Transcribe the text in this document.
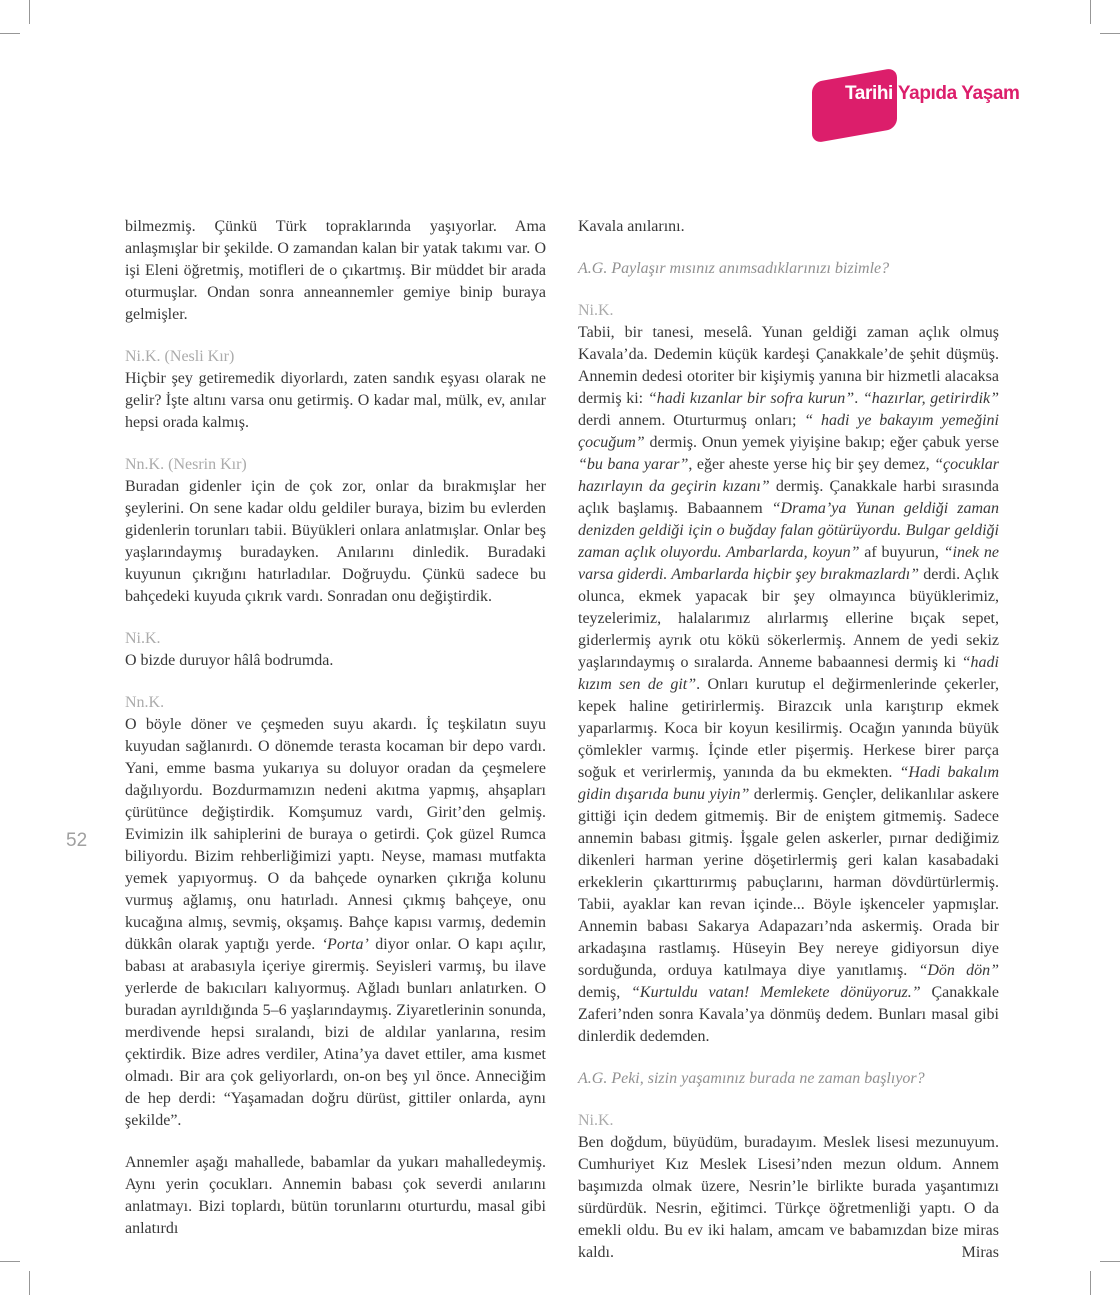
Tarihi Yapıda Yaşam
52

bilmezmiş. Çünkü Türk topraklarında yaşıyorlar. Ama anlaşmışlar bir şekilde. O zamandan kalan bir yatak takımı var. O işi Eleni öğretmiş, motifleri de o çıkartmış. Bir müddet bir arada oturmuşlar. Ondan sonra anneannemler gemiye binip buraya gelmişler.

Ni.K. (Nesli Kır)

Hiçbir şey getiremedik diyorlardı, zaten sandık eşyası olarak ne gelir? İşte altını varsa onu getirmiş. O kadar mal, mülk, ev, anılar hepsi orada kalmış.

Nn.K. (Nesrin Kır)

Buradan gidenler için de çok zor, onlar da bırakmışlar her şeylerini. On sene kadar oldu geldiler buraya, bizim bu evlerden gidenlerin torunları tabii. Büyükleri onlara anlatmışlar. Onlar beş yaşlarındaymış buradayken. Anılarını dinledik. Buradaki kuyunun çıkrığını hatırladılar. Doğruydu. Çünkü sadece bu bahçedeki kuyuda çıkrık vardı. Sonradan onu değiştirdik.

Ni.K.

O bizde duruyor hâlâ bodrumda.

Nn.K.

O böyle döner ve çeşmeden suyu akardı. İç teşkilatın suyu kuyudan sağlanırdı. O dönemde terasta kocaman bir depo vardı. Yani, emme basma yukarıya su doluyor oradan da çeşmelere dağılıyordu. Bozdurmamızın nedeni akıtma yapmış, ahşapları çürütünce değiştirdik. Komşumuz vardı, Girit’den gelmiş. Evimizin ilk sahiplerini de buraya o getirdi. Çok güzel Rumca biliyordu. Bizim rehberliğimizi yaptı. Neyse, maması mutfakta yemek yapıyormuş. O da bahçede oynarken çıkrığa kolunu vurmuş ağlamış, onu hatırladı. Annesi çıkmış bahçeye, onu kucağına almış, sevmiş, okşamış. Bahçe kapısı varmış, dedemin dükkân olarak yaptığı yerde. ‘Porta’ diyor onlar. O kapı açılır, babası at arabasıyla içeriye girermiş. Seyisleri varmış, bu ilave yerlerde de bakıcıları kalıyormuş. Ağladı bunları anlatırken. O buradan ayrıldığında 5–6 yaşlarındaymış. Ziyaretlerinin sonunda, merdivende hepsi sıralandı, bizi de aldılar yanlarına, resim çektirdik. Bize adres verdiler, Atina’ya davet ettiler, ama kısmet olmadı. Bir ara çok geliyorlardı, on-on beş yıl önce. Anneciğim de hep derdi: “Yaşamadan doğru dürüst, gittiler onlarda, aynı şekilde”.

Annemler aşağı mahallede, babamlar da yukarı mahalledeymiş. Aynı yerin çocukları. Annemin babası çok severdi anılarını anlatmayı. Bizi toplardı, bütün torunlarını oturturdu, masal gibi anlatırdı

Kavala anılarını.

A.G. Paylaşır mısınız anımsadıklarınızı bizimle?

Ni.K.

Tabii, bir tanesi, meselâ. Yunan geldiği zaman açlık olmuş Kavala’da. Dedemin küçük kardeşi Çanakkale’de şehit düşmüş. Annemin dedesi otoriter bir kişiymiş yanına bir hizmetli alacaksa dermiş ki: “hadi kızanlar bir sofra kurun”. “hazırlar, getirirdik” derdi annem. Oturturmuş onları; “ hadi ye bakayım yemeğini çocuğum” dermiş. Onun yemek yiyişine bakıp; eğer çabuk yerse “bu bana yarar”, eğer aheste yerse hiç bir şey demez, “çocuklar hazırlayın da geçirin kızanı” dermiş. Çanakkale harbi sırasında açlık başlamış. Babaannem “Drama’ya Yunan geldiği zaman denizden geldiği için o buğday falan götürüyordu. Bulgar geldiği zaman açlık oluyordu. Ambarlarda, koyun” af buyurun, “inek ne varsa giderdi. Ambarlarda hiçbir şey bırakmazlardı” derdi. Açlık olunca, ekmek yapacak bir şey olmayınca büyüklerimiz, teyzelerimiz, halalarımız alırlarmış ellerine bıçak sepet, giderlermiş ayrık otu kökü sökerlermiş. Annem de yedi sekiz yaşlarındaymış o sıralarda. Anneme babaannesi dermiş ki “hadi kızım sen de git”. Onları kurutup el değirmenlerinde çekerler, kepek haline getirirlermiş. Birazcık unla karıştırıp ekmek yaparlarmış. Koca bir koyun kesilirmiş. Ocağın yanında büyük çömlekler varmış. İçinde etler pişermiş. Herkese birer parça soğuk et verirlermiş, yanında da bu ekmekten. “Hadi bakalım gidin dışarıda bunu yiyin” derlermiş. Gençler, delikanlılar askere gittiği için dedem gitmemiş. Bir de eniştem gitmemiş. Sadece annemin babası gitmiş. İşgale gelen askerler, pırnar dediğimiz dikenleri harman yerine döşetirlermiş geri kalan kasabadaki erkeklerin çıkarttırırmış pabuçlarını, harman dövdürtürlermiş. Tabii, ayaklar kan revan içinde... Böyle işkenceler yapmışlar. Annemin babası Sakarya Adapazarı’nda askermiş. Orada bir arkadaşına rastlamış. Hüseyin Bey nereye gidiyorsun diye sorduğunda, orduya katılmaya diye yanıtlamış. “Dön dön” demiş, “Kurtuldu vatan! Memlekete dönüyoruz.” Çanakkale Zaferi’nden sonra Kavala’ya dönmüş dedem. Bunları masal gibi dinlerdik dedemden.

A.G. Peki, sizin yaşamınız burada ne zaman başlıyor?

Ni.K.

Ben doğdum, büyüdüm, buradayım. Meslek lisesi mezunuyum. Cumhuriyet Kız Meslek Lisesi’nden mezun oldum. Annem başımızda olmak üzere, Nesrin’le birlikte burada yaşantımızı sürdürdük. Nesrin, eğitimci. Türkçe öğretmenliği yaptı. O da emekli oldu. Bu ev iki halam, amcam ve babamızdan bize miras kaldı. Miras
